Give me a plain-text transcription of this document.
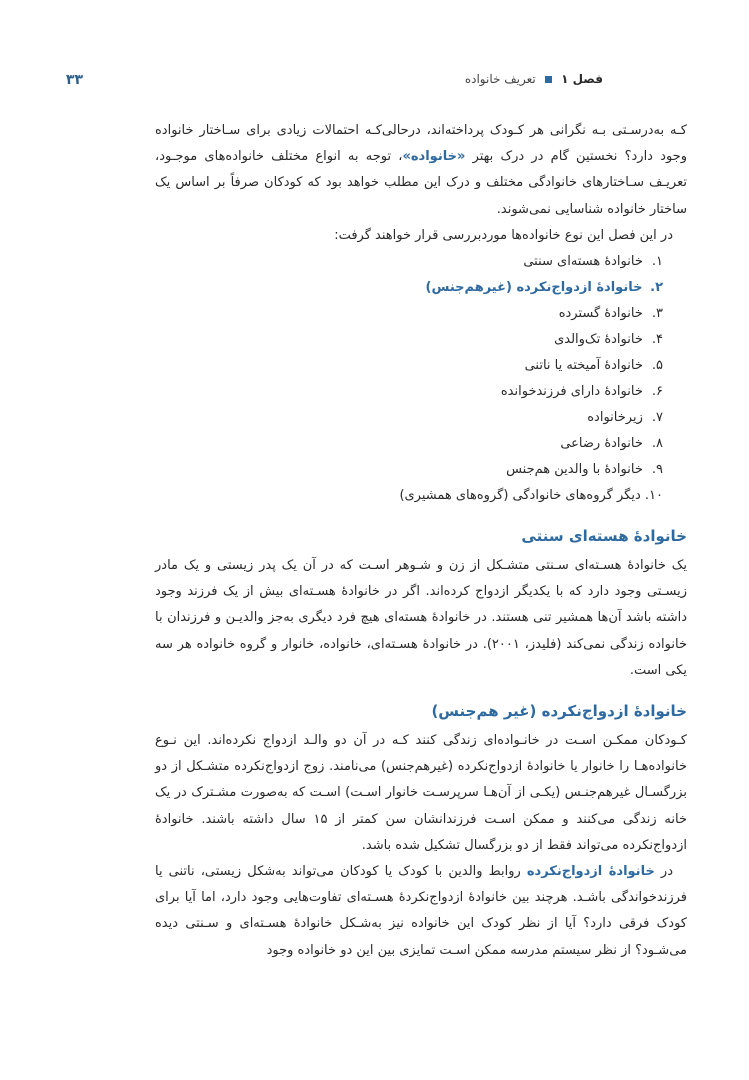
۳۳	فصل ۱  تعریف خانواده

کـه به‌درسـتی بـه نگرانی هر کـودک پرداخته‌اند، درحالی‌کـه احتمالات زیادی برای سـاختار خانواده وجود دارد؟ نخستین گام در درک بهتر «خانواده»، توجه به انواع مختلف خانواده‌های موجـود، تعریـف سـاختارهای خانوادگی مختلف و درک این مطلب خواهد بود که کودکان صرفاً بر اساس یک ساختار خانواده شناسایی نمی‌شوند.

در این فصل این نوع خانواده‌ها موردبررسی قرار خواهند گرفت:

۱. خانوادهٔ هسته‌ای سنتی
۲. خانوادهٔ ازدواج‌نکرده (غیرهم‌جنس)
۳. خانوادهٔ گسترده
۴. خانوادهٔ تک‌والدی
۵. خانوادهٔ آمیخته یا ناتنی
۶. خانوادهٔ دارای فرزندخوانده
۷. زیرخانواده
۸. خانوادهٔ رضاعی
۹. خانوادهٔ با والدین هم‌جنس
۱۰. دیگر گروه‌های خانوادگی (گروه‌های همشیری)
خانوادهٔ هسته‌ای سنتی

یک خانوادهٔ هسـته‌ای سـنتی متشـکل از زن و شـوهر اسـت که در آن یک پدر زیستی و یک مادر زیسـتی وجود دارد که با یکدیگر ازدواج کرده‌اند. اگر در خانوادهٔ هسـته‌ای بیش از یک فرزند وجود داشته باشد آن‌ها همشیر تنی هستند. در خانوادهٔ هسته‌ای هیچ فرد دیگری به‌جز والدیـن و فرزندان با خانواده زندگی نمی‌کند (فلیدز، ۲۰۰۱). در خانوادهٔ هسـته‌ای، خانواده، خانوار و گروه خانواده هر سه یکی است.

خانوادهٔ ازدواج‌نکرده (غیر هم‌جنس)

کـودکان ممکـن اسـت در خانـواده‌ای زندگی کنند کـه در آن دو والـد ازدواج نکرده‌اند. این نـوع خانواده‌هـا را خانوار یا خانوادهٔ ازدواج‌نکرده (غیرهم‌جنس) می‌نامند. زوج ازدواج‌نکرده متشـکل از دو بزرگسـال غیرهم‌جنـس (یکـی از آن‌هـا سرپرسـت خانوار اسـت) اسـت که به‌صورت مشـترک در یک خانه زندگی می‌کنند و ممکن اسـت فرزندانشان سن کمتر از ۱۵ سال داشته باشند. خانوادهٔ ازدواج‌نکرده می‌تواند فقط از دو بزرگسال تشکیل شده باشد.

در خانوادهٔ ازدواج‌نکرده روابط والدین با کودک یا کودکان می‌تواند به‌شکل زیستی، ناتنی یا فرزندخواندگی باشـد. هرچند بین خانوادهٔ ازدواج‌نکردهٔ هسـته‌ای تفاوت‌هایی وجود دارد، اما آیا برای کودک فرقی دارد؟ آیا از نظر کودک این خانواده نیز به‌شـکل خانوادهٔ هسـته‌ای و سـنتی دیده می‌شـود؟ از نظر سیستم مدرسه ممکن اسـت تمایزی بین این دو خانواده وجود
